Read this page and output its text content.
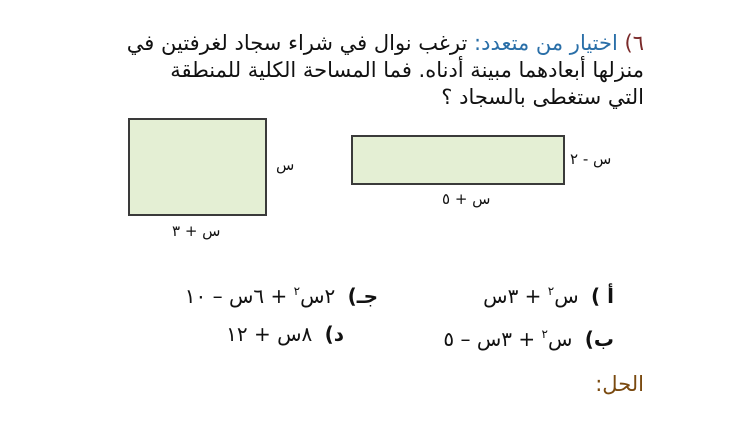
٦) اختيار من متعدد: ترغب نوال في شراء سجاد لغرفتين في
منزلها أبعادهما مبينة أدناه. فما المساحة الكلية للمنطقة
التي ستغطى بالسجاد ؟
س
س + ٣
س - ٢
س + ٥
أ ) س$^٢$ + ٣س
ب) س$^٢$ + ٣س – ٥
جـ) ٢س$^٢$ + ٦س – ١٠
د) ٨س + ١٢
الحل:
